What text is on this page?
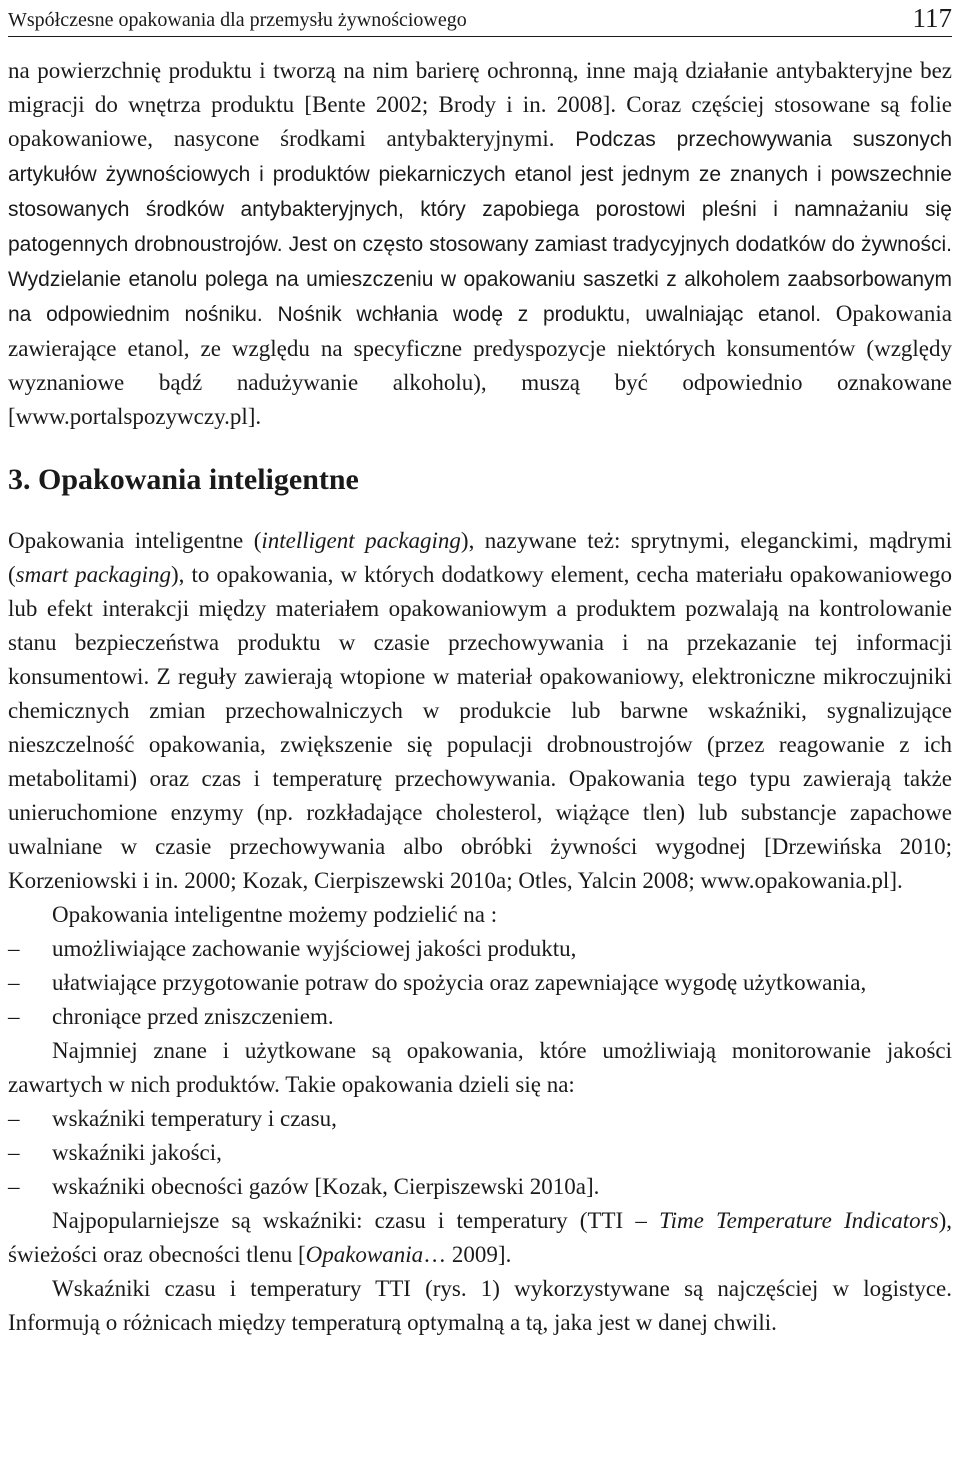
Współczesne opakowania dla przemysłu żywnościowego	117

na powierzchnię produktu i tworzą na nim barierę ochronną, inne mają działanie antybakteryjne bez migracji do wnętrza produktu [Bente 2002; Brody i in. 2008]. Coraz częściej stosowane są folie opakowaniowe, nasycone środkami antybakteryjnymi. Podczas przechowywania suszonych artykułów żywnościowych i produktów piekarniczych etanol jest jednym ze znanych i powszechnie stosowanych środków antybakteryjnych, który zapobiega porostowi pleśni i namnażaniu się patogennych drobnoustrojów. Jest on często stosowany zamiast tradycyjnych dodatków do żywności. Wydzielanie etanolu polega na umieszczeniu w opakowaniu saszetki z alkoholem zaabsorbowanym na odpowiednim nośniku. Nośnik wchłania wodę z produktu, uwalniając etanol. Opakowania zawierające etanol, ze względu na specyficzne predyspozycje niektórych konsumentów (względy wyznaniowe bądź nadużywanie alkoholu), muszą być odpowiednio oznakowane [www.portalspozywczy.pl].

3. Opakowania inteligentne

Opakowania inteligentne (intelligent packaging), nazywane też: sprytnymi, eleganckimi, mądrymi (smart packaging), to opakowania, w których dodatkowy element, cecha materiału opakowaniowego lub efekt interakcji między materiałem opakowaniowym a produktem pozwalają na kontrolowanie stanu bezpieczeństwa produktu w czasie przechowywania i na przekazanie tej informacji konsumentowi. Z reguły zawierają wtopione w materiał opakowaniowy, elektroniczne mikroczujniki chemicznych zmian przechowalniczych w produkcie lub barwne wskaźniki, sygnalizujące nieszczelność opakowania, zwiększenie się populacji drobnoustrojów (przez reagowanie z ich metabolitami) oraz czas i temperaturę przechowywania. Opakowania tego typu zawierają także unieruchomione enzymy (np. rozkładające cholesterol, wiążące tlen) lub substancje zapachowe uwalniane w czasie przechowywania albo obróbki żywności wygodnej [Drzewińska 2010; Korzeniowski i in. 2000; Kozak, Cierpiszewski 2010a; Otles, Yalcin 2008; www.opakowania.pl].

Opakowania inteligentne możemy podzielić na :

– umożliwiające zachowanie wyjściowej jakości produktu,
– ułatwiające przygotowanie potraw do spożycia oraz zapewniające wygodę użytkowania,
– chroniące przed zniszczeniem.

Najmniej znane i użytkowane są opakowania, które umożliwiają monitorowanie jakości zawartych w nich produktów. Takie opakowania dzieli się na:

– wskaźniki temperatury i czasu,
– wskaźniki jakości,
– wskaźniki obecności gazów [Kozak, Cierpiszewski 2010a].

Najpopularniejsze są wskaźniki: czasu i temperatury (TTI – Time Temperature Indicators), świeżości oraz obecności tlenu [Opakowania… 2009].

Wskaźniki czasu i temperatury TTI (rys. 1) wykorzystywane są najczęściej w logistyce. Informują o różnicach między temperaturą optymalną a tą, jaka jest w danej chwili.
